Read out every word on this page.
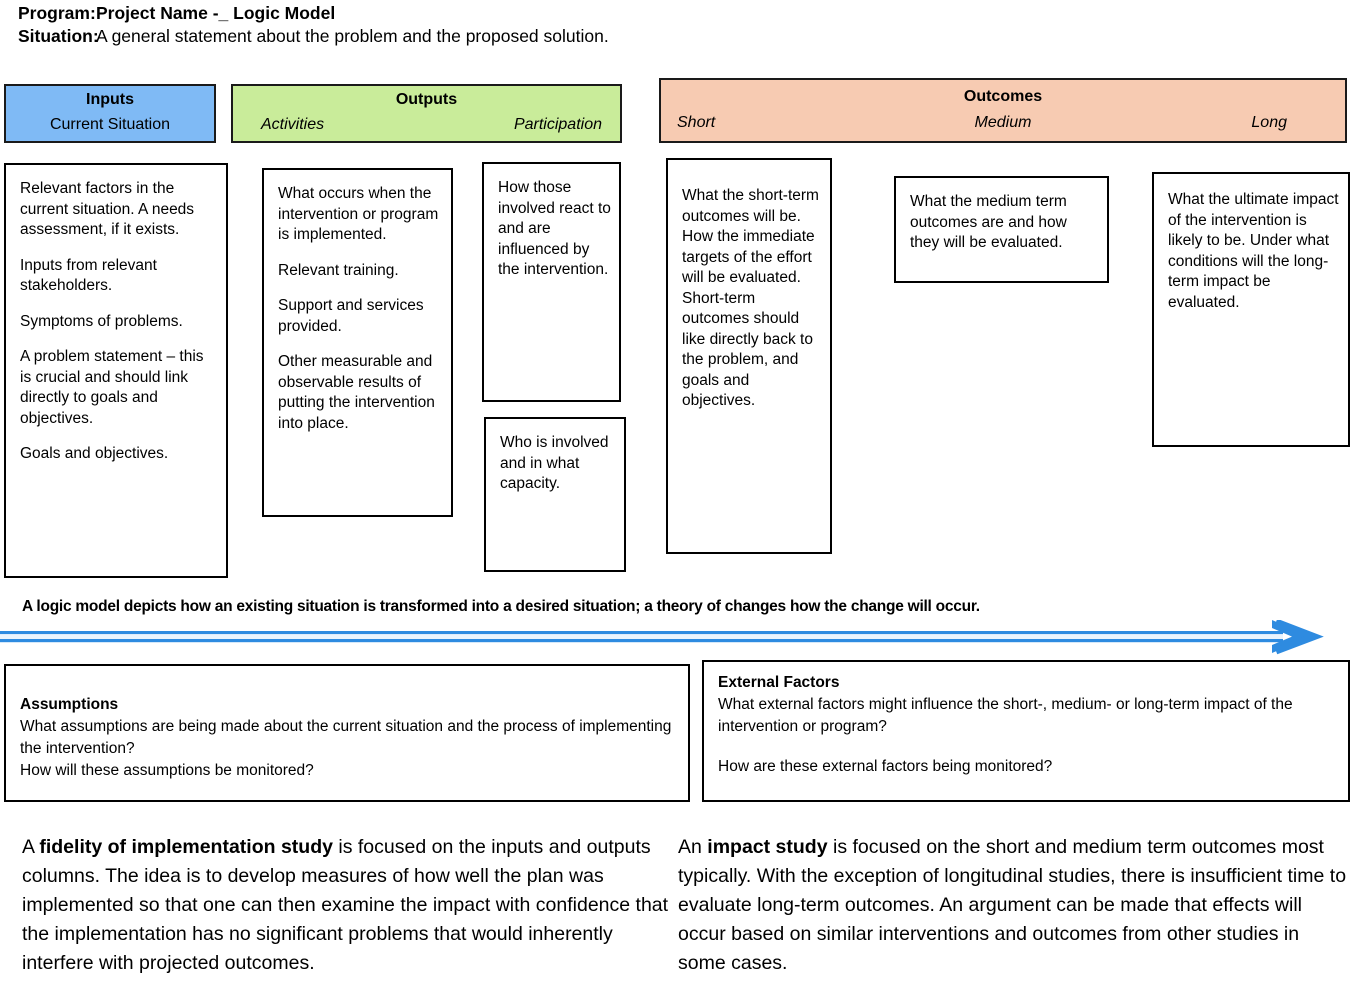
Program: Project Name -_ Logic Model
Situation:
A general statement about the problem and the proposed solution.
Inputs
Current Situation
Outputs
Activities	Participation
Outcomes
Short	Medium	Long

Relevant factors in the current situation. A needs assessment, if it exists.

Inputs from relevant stakeholders.

Symptoms of problems.

A problem statement – this is crucial and should link directly to goals and objectives.

Goals and objectives.

What occurs when the intervention or program is implemented.

Relevant training.

Support and services provided.

Other measurable and observable results of putting the intervention into place.

How those involved react to and are influenced by the intervention.

Who is involved and in what capacity.

What the short-term outcomes will be. How the immediate targets of the effort will be evaluated. Short-term outcomes should like directly back to the problem, and goals and objectives.

What the medium term outcomes are and how they will be evaluated.

What the ultimate impact of the intervention is likely to be. Under what conditions will the long-term impact be evaluated.

A logic model depicts how an existing situation is transformed into a desired situation; a theory of changes how the change will occur.

Assumptions

What assumptions are being made about the current situation and the process of implementing the intervention?

How will these assumptions be monitored?

External Factors

What external factors might influence the short-, medium- or long-term impact of the intervention or program?

How are these external factors being monitored?

A fidelity of implementation study is focused on the inputs and outputs columns. The idea is to develop measures of how well the plan was implemented so that one can then examine the impact with confidence that the implementation has no significant problems that would inherently interfere with projected outcomes.
An impact study is focused on the short and medium term outcomes most typically. With the exception of longitudinal studies, there is insufficient time to evaluate long-term outcomes. An argument can be made that effects will occur based on similar interventions and outcomes from other studies in some cases.
